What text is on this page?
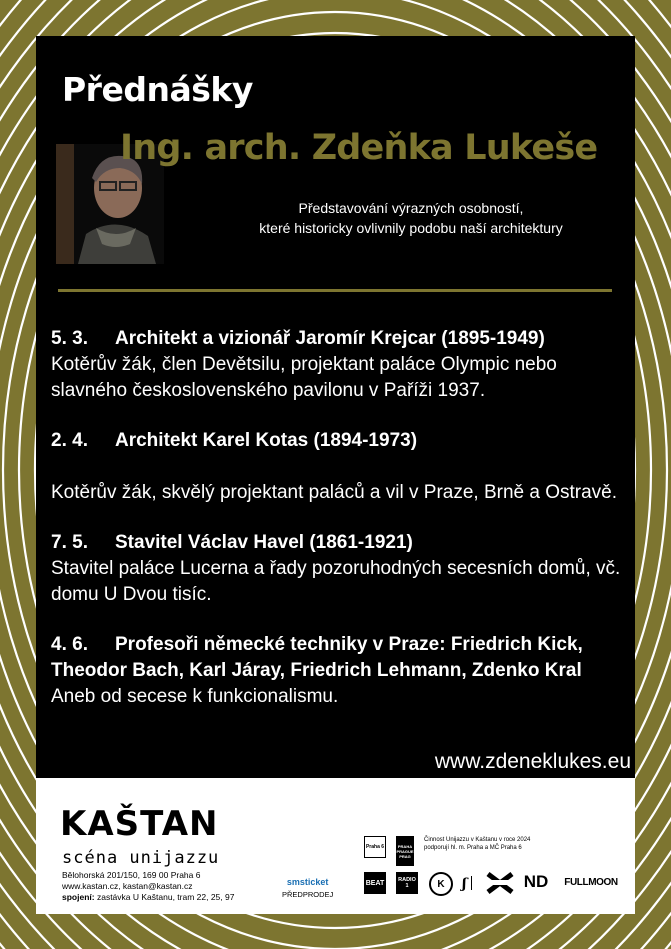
Přednášky
Ing. arch. Zdeňka Lukeše
Představování výrazných osobností,
které historicky ovlivnily podobu naší architektury
5. 3. Architekt a vizionář Jaromír Krejcar (1895-1949)
Kotěrův žák, člen Devětsilu, projektant paláce Olympic nebo slavného československého pavilonu v Paříži 1937.
2. 4. Architekt Karel Kotas (1894-1973)
Kotěrův žák, skvělý projektant paláců a vil v Praze, Brně a Ostravě.
7. 5. Stavitel Václav Havel (1861-1921)
Stavitel paláce Lucerna a řady pozoruhodných secesních domů, vč. domu U Dvou tisíc.
4. 6. Profesoři německé techniky v Praze: Friedrich Kick,
Theodor Bach, Karl Járay, Friedrich Lehmann, Zdenko Kral
Aneb od secese k funkcionalismu.
www.zdeneklukes.eu
KAŠTAN
scéna unijazzu
Bělohorská 201/150, 169 00 Praha 6
www.kastan.cz, kastan@kastan.cz
spojení: zastávka U Kaštanu, tram 22, 25, 97
smsticket
PŘEDPRODEJ
Praha 6	PRAHA PRAGUE PRAG
Činnost Unijazzu v Kaštanu v roce 2024
podporují hl. m. Praha a MČ Praha 6
BEAT	RADIO 1	K ʃ	ND FULLMOON
